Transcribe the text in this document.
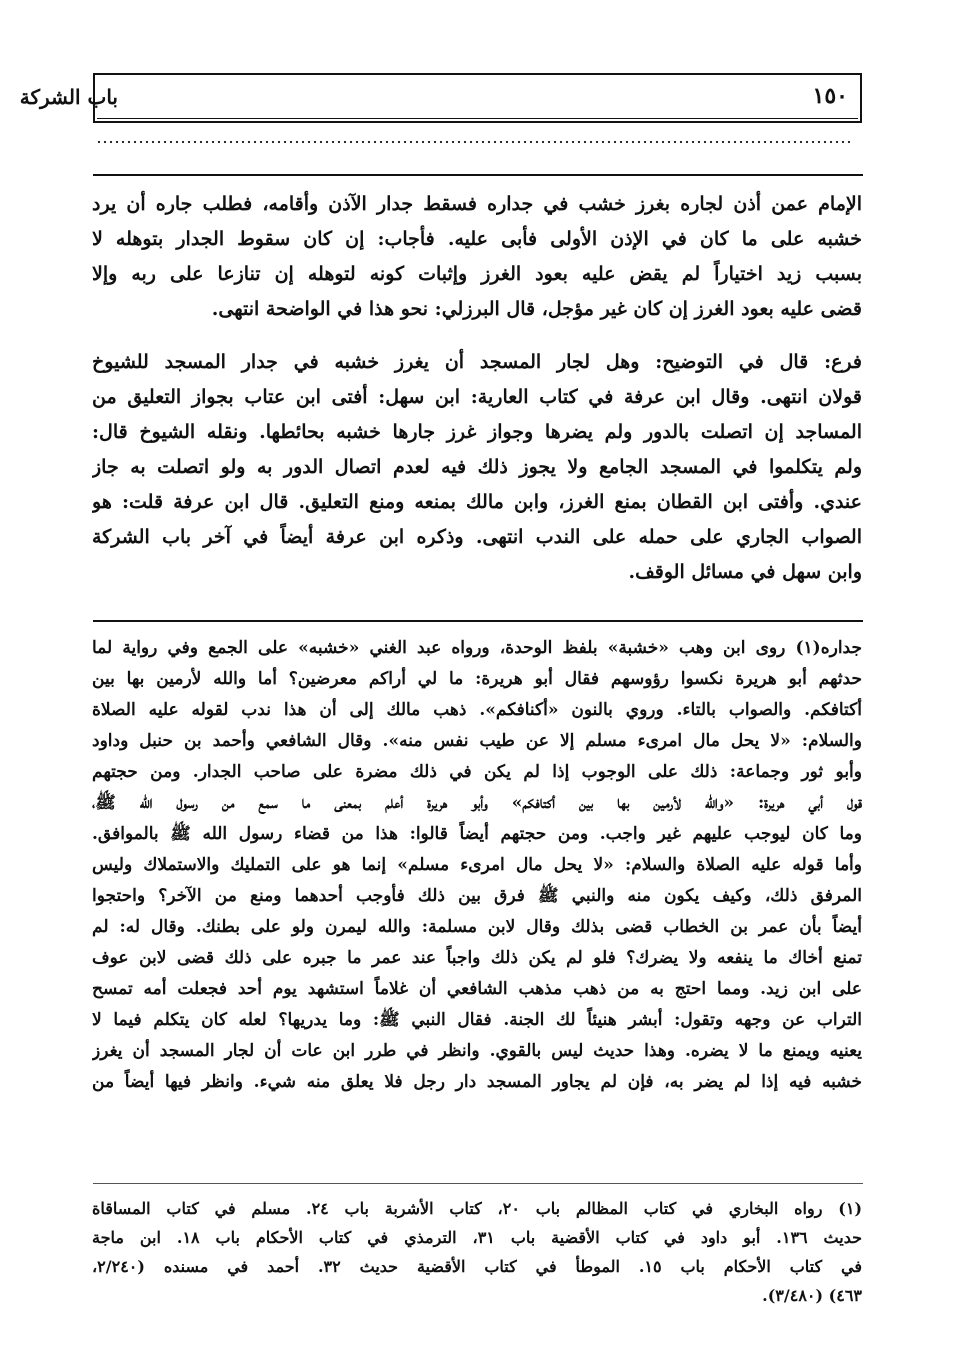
باب الشركة	١٥٠
الإمام عمن أذن لجاره بغرز خشب في جداره فسقط جدار الآذن وأقامه، فطلب جاره أن يرد
خشبه على ما كان في الإذن الأولى فأبى عليه. فأجاب: إن كان سقوط الجدار بتوهله لا
بسبب زيد اختياراً لم يقض عليه بعود الغرز وإثبات كونه لتوهله إن تنازعا على ربه وإلا
قضى عليه بعود الغرز إن كان غير مؤجل، قال البرزلي: نحو هذا في الواضحة انتهى.
فرع: قال في التوضيح: وهل لجار المسجد أن يغرز خشبه في جدار المسجد للشيوخ
قولان انتهى. وقال ابن عرفة في كتاب العارية: ابن سهل: أفتى ابن عتاب بجواز التعليق من
المساجد إن اتصلت بالدور ولم يضرها وجواز غرز جارها خشبه بحائطها. ونقله الشيوخ قال:
ولم يتكلموا في المسجد الجامع ولا يجوز ذلك فيه لعدم اتصال الدور به ولو اتصلت به جاز
عندي. وأفتى ابن القطان بمنع الغرز، وابن مالك بمنعه ومنع التعليق. قال ابن عرفة قلت: هو
الصواب الجاري على حمله على الندب انتهى. وذكره ابن عرفة أيضاً في آخر باب الشركة
وابن سهل في مسائل الوقف.
جداره(١) روى ابن وهب «خشبة» بلفظ الوحدة، ورواه عبد الغني «خشبه» على الجمع وفي رواية لما
حدثهم أبو هريرة نكسوا رؤوسهم فقال أبو هريرة: ما لي أراكم معرضين؟ أما والله لأرمين بها بين
أكتافكم. والصواب بالتاء. وروي بالنون «أكنافكم». ذهب مالك إلى أن هذا ندب لقوله عليه الصلاة
والسلام: «لا يحل مال امرىء مسلم إلا عن طيب نفس منه». وقال الشافعي وأحمد بن حنبل وداود
وأبو ثور وجماعة: ذلك على الوجوب إذا لم يكن في ذلك مضرة على صاحب الجدار. ومن حجتهم
قول أبي هريرة: «والله لأرمين بها بين أكتافكم» وأبو هريرة أعلم بمعنى ما سمع من رسول الله ﷺ،
وما كان ليوجب عليهم غير واجب. ومن حجتهم أيضاً قالوا: هذا من قضاء رسول الله ﷺ بالموافق.
وأما قوله عليه الصلاة والسلام: «لا يحل مال امرىء مسلم» إنما هو على التمليك والاستملاك وليس
المرفق ذلك، وكيف يكون منه والنبي ﷺ فرق بين ذلك فأوجب أحدهما ومنع من الآخر؟ واحتجوا
أيضاً بأن عمر بن الخطاب قضى بذلك وقال لابن مسلمة: والله ليمرن ولو على بطنك. وقال له: لم
تمنع أخاك ما ينفعه ولا يضرك؟ فلو لم يكن ذلك واجباً عند عمر ما جبره على ذلك قضى لابن عوف
على ابن زيد. ومما احتج به من ذهب مذهب الشافعي أن غلاماً استشهد يوم أحد فجعلت أمه تمسح
التراب عن وجهه وتقول: أبشر هنيئاً لك الجنة. فقال النبي ﷺ: وما يدريها؟ لعله كان يتكلم فيما لا
يعنيه ويمنع ما لا يضره. وهذا حديث ليس بالقوي. وانظر في طرر ابن عات أن لجار المسجد أن يغرز
خشبه فيه إذا لم يضر به، فإن لم يجاور المسجد دار رجل فلا يعلق منه شيء. وانظر فيها أيضاً من
(١) رواه البخاري في كتاب المظالم باب ٢٠، كتاب الأشربة باب ٢٤. مسلم في كتاب المساقاة
حديث ١٣٦. أبو داود في كتاب الأقضية باب ٣١، الترمذي في كتاب الأحكام باب ١٨. ابن ماجة
في كتاب الأحكام باب ١٥. الموطأ في كتاب الأقضية حديث ٣٢. أحمد في مسنده (٢/٢٤٠،
٤٦٣) (٣/٤٨٠).
